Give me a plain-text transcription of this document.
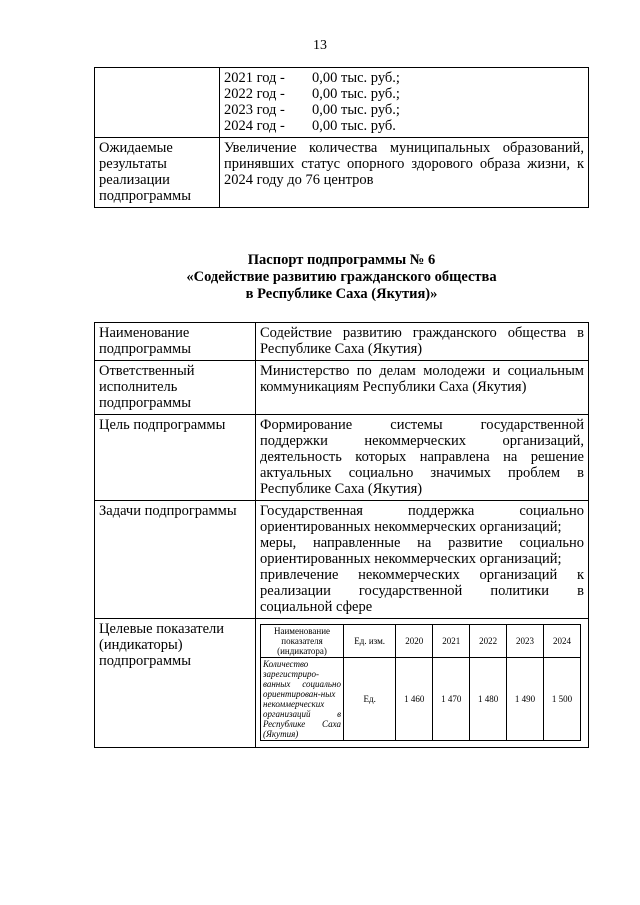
13

	2021 год - 0,00 тыс. руб.;
2022 год - 0,00 тыс. руб.;
2023 год - 0,00 тыс. руб.;
2024 год - 0,00 тыс. руб.

Ожидаемые результаты реализации подпрограммы	Увеличение количества муниципальных образований, принявших статус опорного здорового образа жизни, к 2024 году до 76 центров
Паспорт подпрограммы № 6
«Содействие развитию гражданского общества
в Республике Саха (Якутия)»
Наименование подпрограммы	Содействие развитию гражданского общества в Республике Саха (Якутия)
Ответственный исполнитель подпрограммы	Министерство по делам молодежи и социальным коммуникациям Республики Саха (Якутия)
Цель подпрограммы	Формирование системы государственной поддержки некоммерческих организаций, деятельность которых направлена на решение актуальных социально значимых проблем в Республике Саха (Якутия)
Задачи подпрограммы	Государственная поддержка социально ориентированных некоммерческих организаций;
меры, направленные на развитие социально ориентированных некоммерческих организаций;
привлечение некоммерческих организаций к реализации государственной политики в социальной сфере

Целевые показатели (индикаторы) подпрограммы	
Наименование показателя (индикатора)	Ед. изм.	2020	2021	2022	2023	2024
Количество зарегистриро-ванных социально ориентирован-ных некоммерческих организаций в Республике Саха (Якутия)	Ед.	1 460	1 470	1 480	1 490	1 500
